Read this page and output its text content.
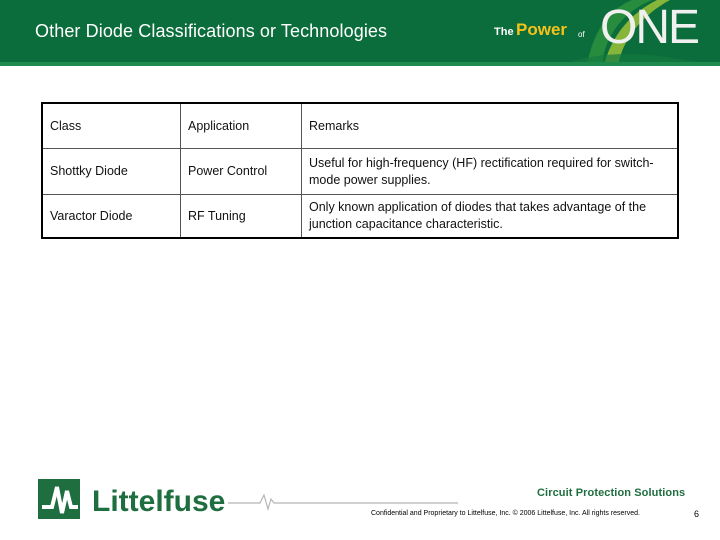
Other Diode Classifications or Technologies	The Power of ONE
Class	Application	Remarks
Shottky Diode	Power Control	Useful for high-frequency (HF) rectification required for switch-mode power supplies.
Varactor Diode	RF Tuning	Only known application of diodes that takes advantage of the junction capacitance characteristic.
Littelfuse	Circuit Protection Solutions
Confidential and Proprietary to Littelfuse, Inc. © 2006 Littelfuse, Inc. All rights reserved.	6
